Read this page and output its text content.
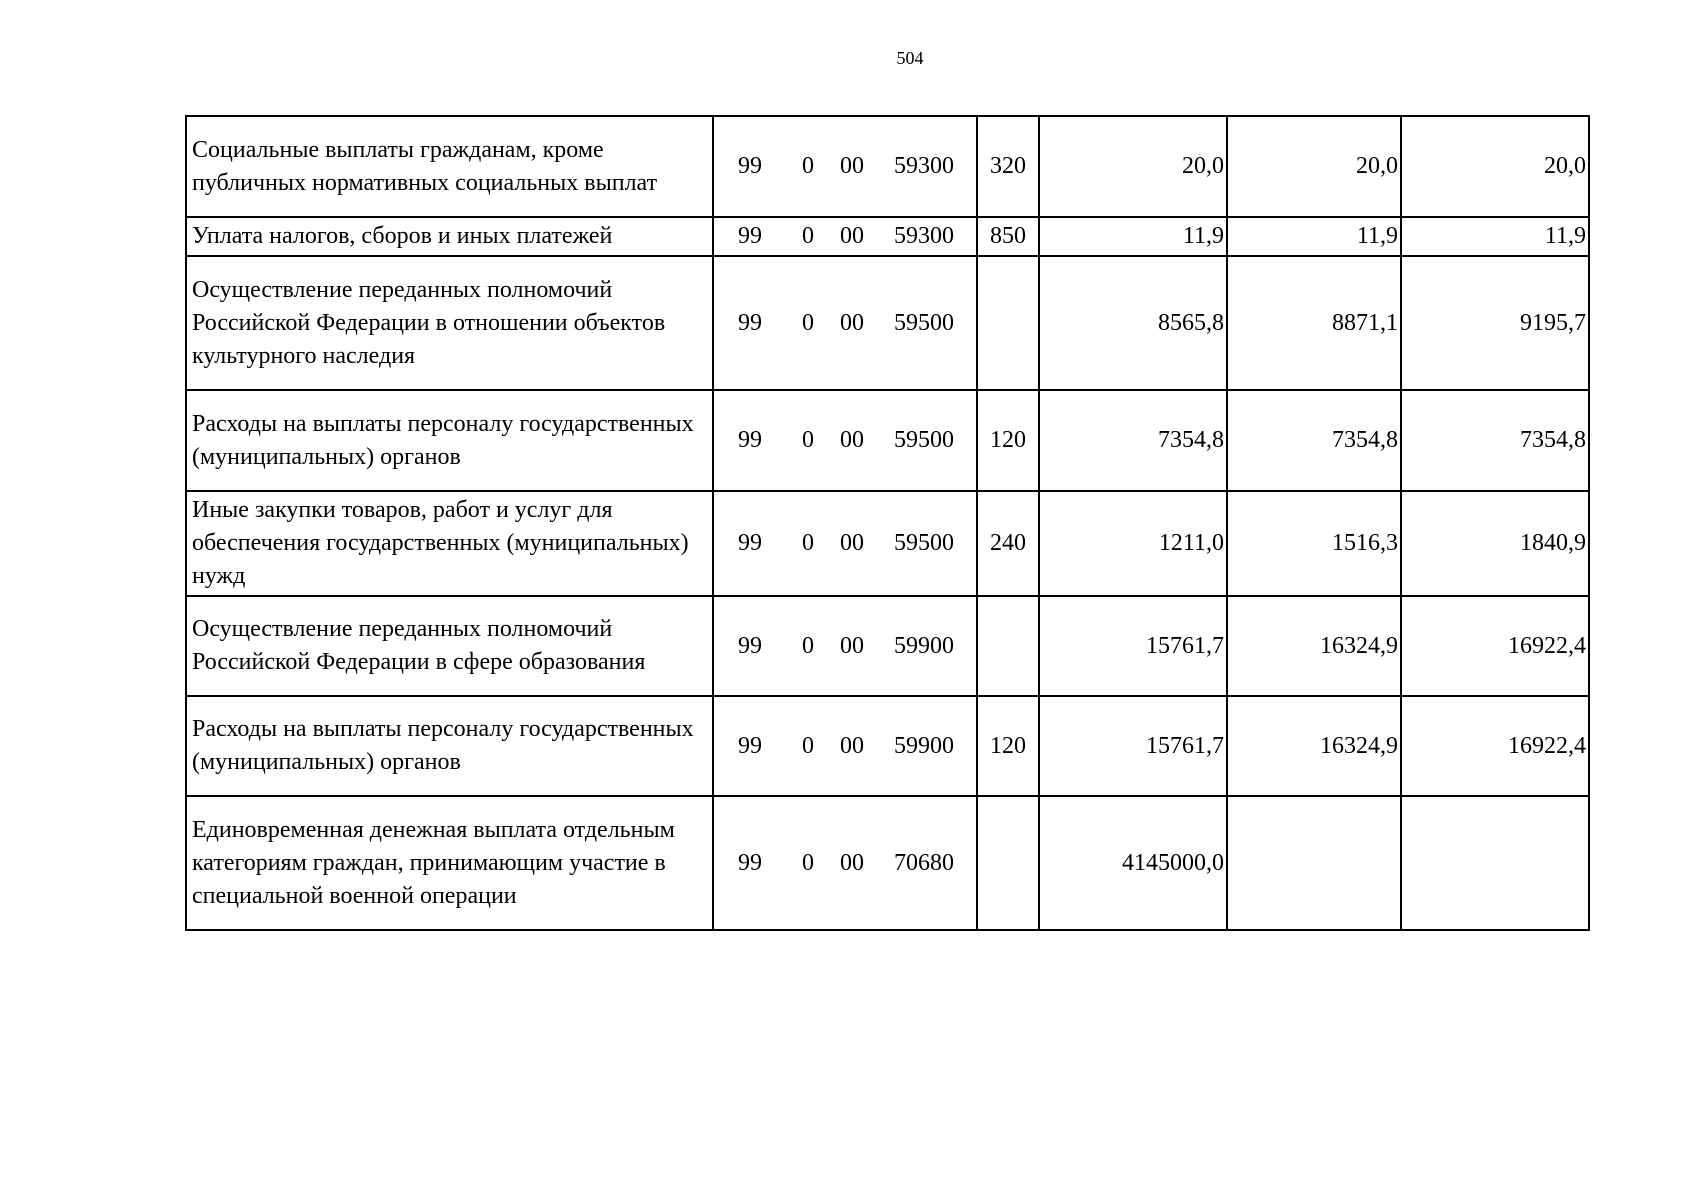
504
Социальные выплаты гражданам, кроме публичных нормативных социальных выплат	99 0 00 59300	320	20,0	20,0	20,0
Уплата налогов, сборов и иных платежей	99 0 00 59300	850	11,9	11,9	11,9
Осуществление переданных полномочий Российской Федерации в отношении объектов культурного наследия	99 0 00 59500		8565,8	8871,1	9195,7
Расходы на выплаты персоналу государственных (муниципальных) органов	99 0 00 59500	120	7354,8	7354,8	7354,8
Иные закупки товаров, работ и услуг для обеспечения государственных (муниципальных) нужд	99 0 00 59500	240	1211,0	1516,3	1840,9
Осуществление переданных полномочий Российской Федерации в сфере образования	99 0 00 59900		15761,7	16324,9	16922,4
Расходы на выплаты персоналу государственных (муниципальных) органов	99 0 00 59900	120	15761,7	16324,9	16922,4
Единовременная денежная выплата отдельным категориям граждан, принимающим участие в специальной военной операции	99 0 00 70680		4145000,0		
